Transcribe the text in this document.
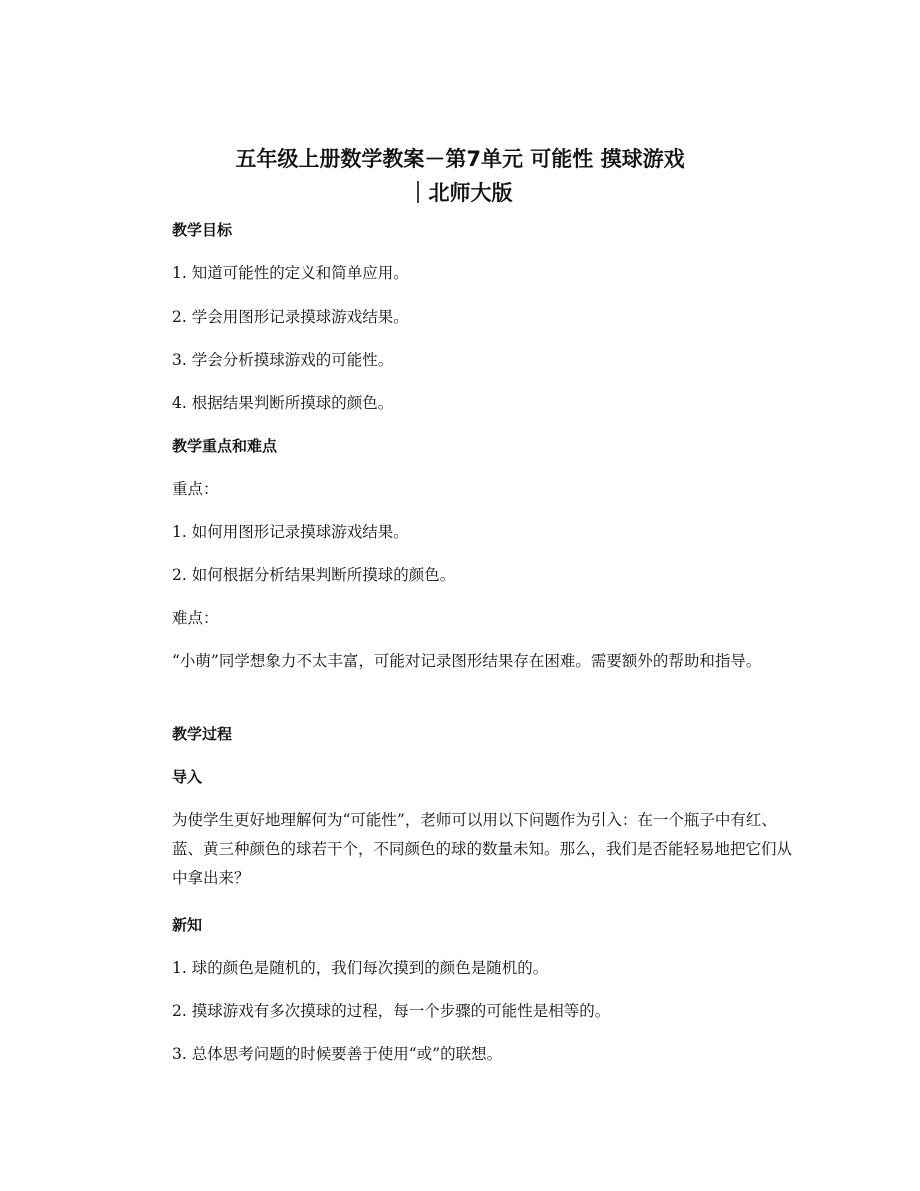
五年级上册数学教案－第7单元 可能性 摸球游戏
｜北师大版

教学目标

1. 知道可能性的定义和简单应用。

2. 学会用图形记录摸球游戏结果。

3. 学会分析摸球游戏的可能性。

4. 根据结果判断所摸球的颜色。

教学重点和难点

重点：

1. 如何用图形记录摸球游戏结果。

2. 如何根据分析结果判断所摸球的颜色。

难点：

“小萌”同学想象力不太丰富，可能对记录图形结果存在困难。需要额外的帮助和指导。

教学过程

导入

为使学生更好地理解何为“可能性”，老师可以用以下问题作为引入：在一个瓶子中有红、蓝、黄三种颜色的球若干个，不同颜色的球的数量未知。那么，我们是否能轻易地把它们从中拿出来？

新知

1. 球的颜色是随机的，我们每次摸到的颜色是随机的。

2. 摸球游戏有多次摸球的过程，每一个步骤的可能性是相等的。

3. 总体思考问题的时候要善于使用“或”的联想。
